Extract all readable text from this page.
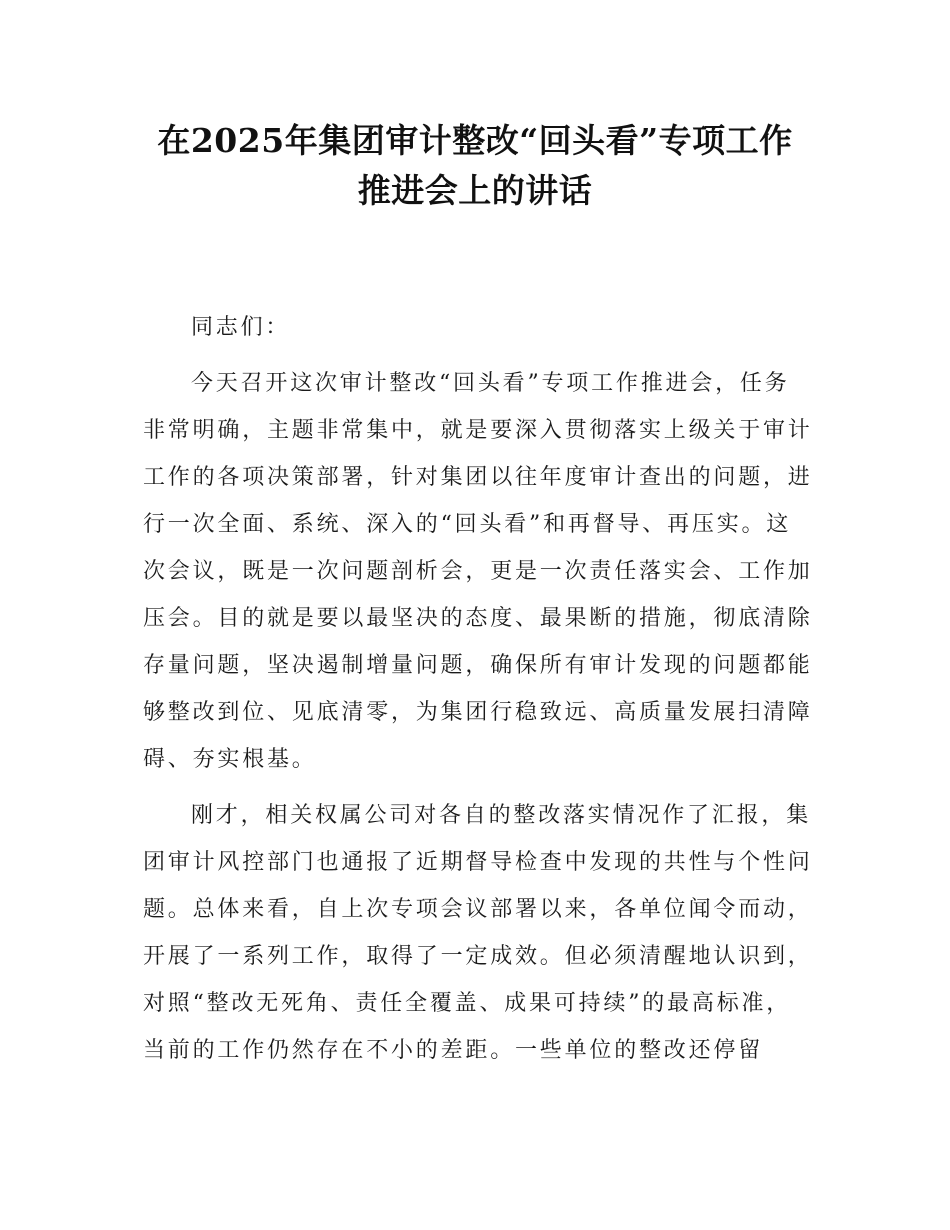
在2025年集团审计整改“回头看”专项工作
推进会上的讲话

同志们：

今天召开这次审计整改“回头看”专项工作推进会，任务
非常明确，主题非常集中，就是要深入贯彻落实上级关于审计
工作的各项决策部署，针对集团以往年度审计查出的问题，进
行一次全面、系统、深入的“回头看”和再督导、再压实。这
次会议，既是一次问题剖析会，更是一次责任落实会、工作加
压会。目的就是要以最坚决的态度、最果断的措施，彻底清除
存量问题，坚决遏制增量问题，确保所有审计发现的问题都能
够整改到位、见底清零，为集团行稳致远、高质量发展扫清障
碍、夯实根基。

刚才，相关权属公司对各自的整改落实情况作了汇报，集
团审计风控部门也通报了近期督导检查中发现的共性与个性问
题。总体来看，自上次专项会议部署以来，各单位闻令而动，
开展了一系列工作，取得了一定成效。但必须清醒地认识到，
对照“整改无死角、责任全覆盖、成果可持续”的最高标准，
当前的工作仍然存在不小的差距。一些单位的整改还停留
